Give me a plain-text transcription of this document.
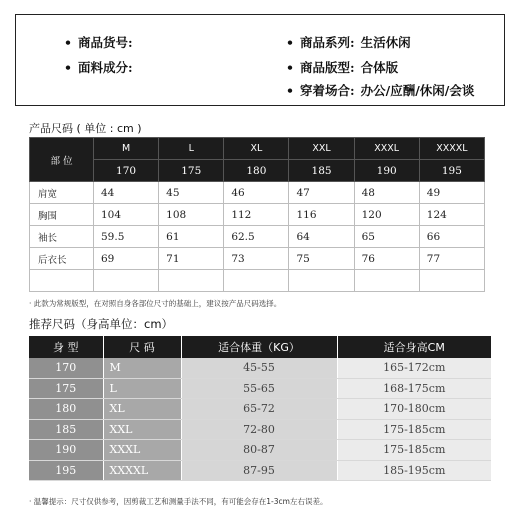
• 商品货号:
• 面料成分:
• 商品系列: 生活休闲
• 商品版型: 合体版
• 穿着场合: 办公/应酬/休闲/会谈
产品尺码 ( 单位 : cm )
部 位	M	L	XL	XXL	XXXL	XXXXL
	170	175	180	185	190	195
肩宽	44	45	46	47	48	49
胸围	104	108	112	116	120	124
袖长	59.5	61	62.5	64	65	66
后衣长	69	71	73	75	76	77

· 此款为常规版型，在对照自身各部位尺寸的基础上，建议按产品尺码选择。
推荐尺码（身高单位：cm）
身 型	尺 码	适合体重（KG）	适合身高CM
170	M	45-55	165-172cm
175	L	55-65	168-175cm
180	XL	65-72	170-180cm
185	XXL	72-80	175-185cm
190	XXXL	80-87	175-185cm
195	XXXXL	87-95	185-195cm
· 温馨提示：尺寸仅供参考，因剪裁工艺和测量手法不同，有可能会存在1-3cm左右误差。
